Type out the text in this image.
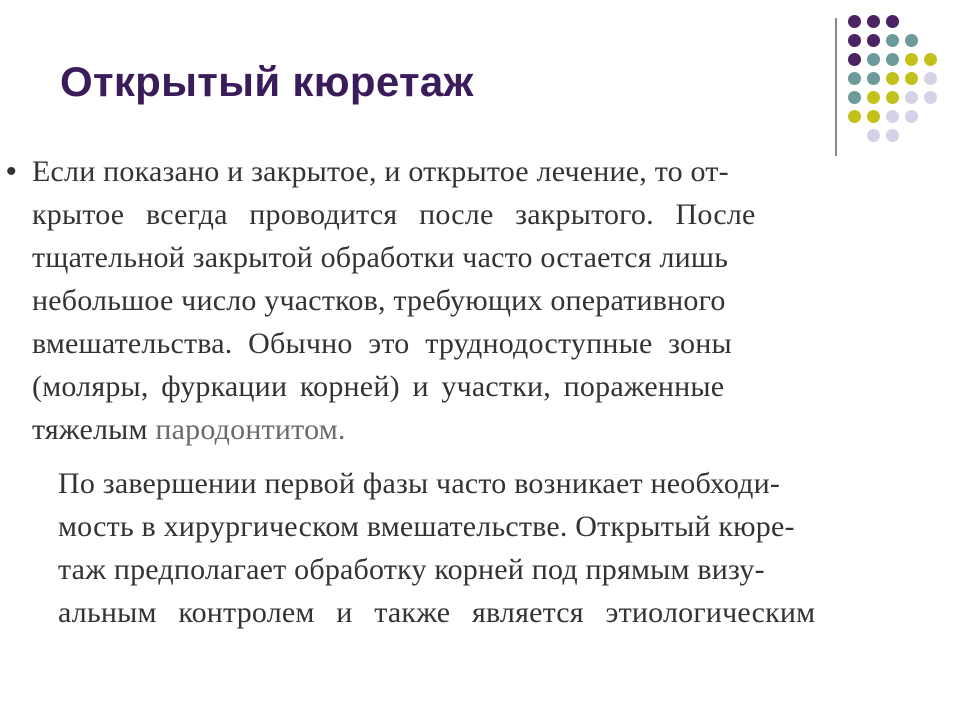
Открытый кюретаж
• Если показано и закрытое, и открытое лечение, то от-
крытое всегда проводится после закрытого. После
тщательной закрытой обработки часто остается лишь
небольшое число участков, требующих оперативного
вмешательства. Обычно это труднодоступные зоны
(моляры, фуркации корней) и участки, пораженные
тяжелым пародонтитом.
По завершении первой фазы часто возникает необходи-
мость в хирургическом вмешательстве. Открытый кюре-
таж предполагает обработку корней под прямым визу-
альным контролем и также является этиологическим
